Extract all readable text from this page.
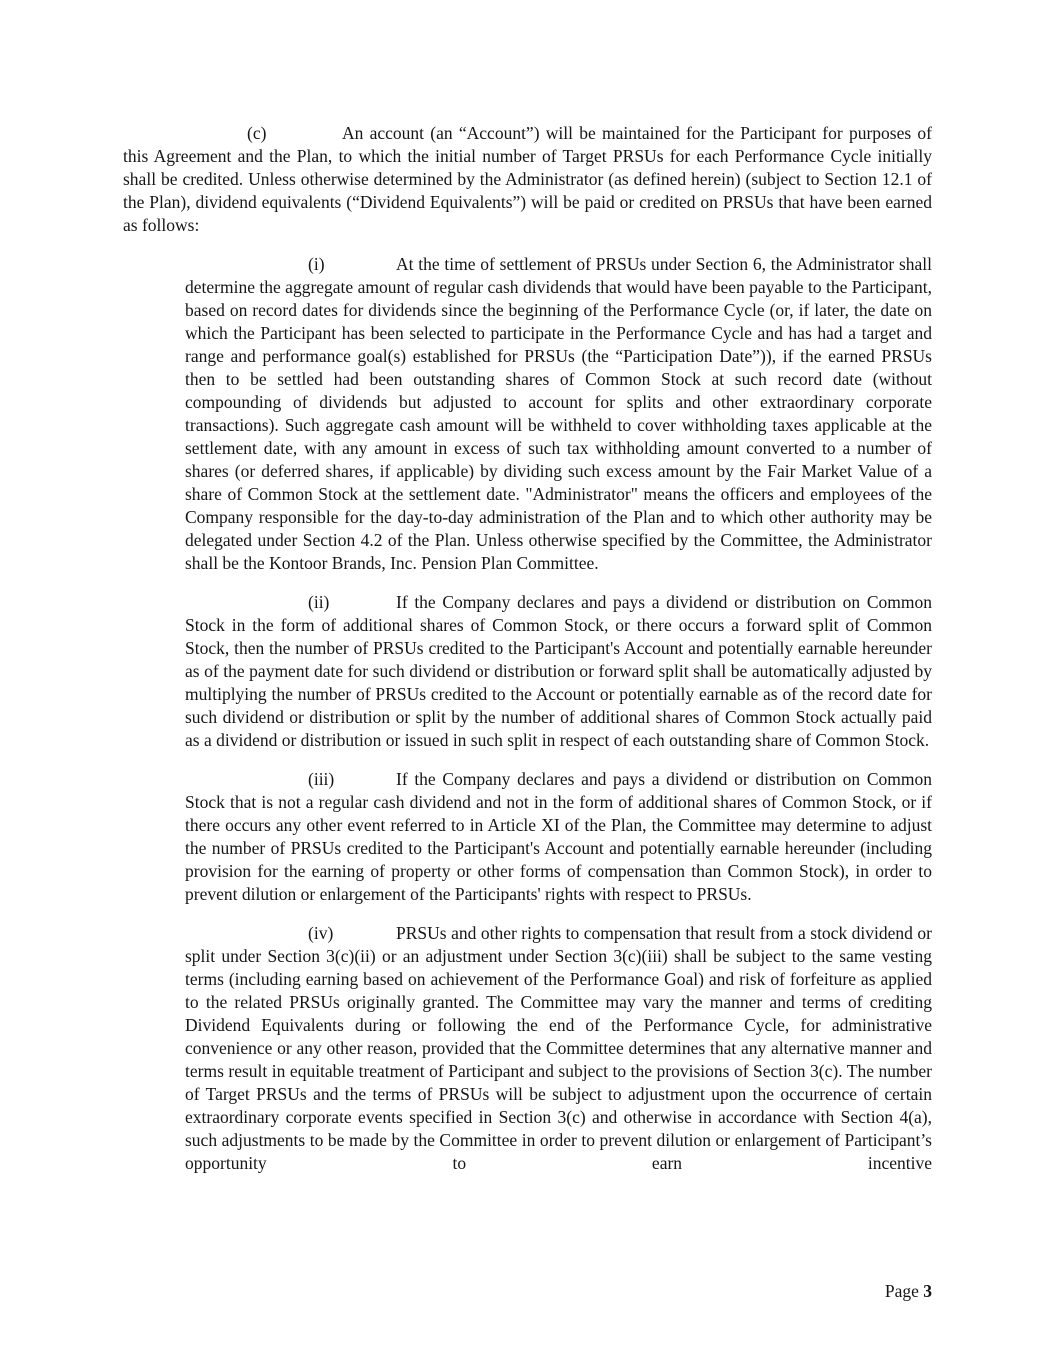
(c)	An account (an “Account”) will be maintained for the Participant for purposes of this Agreement and the Plan, to which the initial number of Target PRSUs for each Performance Cycle initially shall be credited. Unless otherwise determined by the Administrator (as defined herein) (subject to Section 12.1 of the Plan), dividend equivalents (“Dividend Equivalents”) will be paid or credited on PRSUs that have been earned as follows:

(i)	At the time of settlement of PRSUs under Section 6, the Administrator shall determine the aggregate amount of regular cash dividends that would have been payable to the Participant, based on record dates for dividends since the beginning of the Performance Cycle (or, if later, the date on which the Participant has been selected to participate in the Performance Cycle and has had a target and range and performance goal(s) established for PRSUs (the “Participation Date”)), if the earned PRSUs then to be settled had been outstanding shares of Common Stock at such record date (without compounding of dividends but adjusted to account for splits and other extraordinary corporate transactions). Such aggregate cash amount will be withheld to cover withholding taxes applicable at the settlement date, with any amount in excess of such tax withholding amount converted to a number of shares (or deferred shares, if applicable) by dividing such excess amount by the Fair Market Value of a share of Common Stock at the settlement date. "Administrator" means the officers and employees of the Company responsible for the day-to-day administration of the Plan and to which other authority may be delegated under Section 4.2 of the Plan. Unless otherwise specified by the Committee, the Administrator shall be the Kontoor Brands, Inc. Pension Plan Committee.

(ii)	If the Company declares and pays a dividend or distribution on Common Stock in the form of additional shares of Common Stock, or there occurs a forward split of Common Stock, then the number of PRSUs credited to the Participant's Account and potentially earnable hereunder as of the payment date for such dividend or distribution or forward split shall be automatically adjusted by multiplying the number of PRSUs credited to the Account or potentially earnable as of the record date for such dividend or distribution or split by the number of additional shares of Common Stock actually paid as a dividend or distribution or issued in such split in respect of each outstanding share of Common Stock.

(iii)	If the Company declares and pays a dividend or distribution on Common Stock that is not a regular cash dividend and not in the form of additional shares of Common Stock, or if there occurs any other event referred to in Article XI of the Plan, the Committee may determine to adjust the number of PRSUs credited to the Participant's Account and potentially earnable hereunder (including provision for the earning of property or other forms of compensation than Common Stock), in order to prevent dilution or enlargement of the Participants' rights with respect to PRSUs.

(iv)	PRSUs and other rights to compensation that result from a stock dividend or split under Section 3(c)(ii) or an adjustment under Section 3(c)(iii) shall be subject to the same vesting terms (including earning based on achievement of the Performance Goal) and risk of forfeiture as applied to the related PRSUs originally granted. The Committee may vary the manner and terms of crediting Dividend Equivalents during or following the end of the Performance Cycle, for administrative convenience or any other reason, provided that the Committee determines that any alternative manner and terms result in equitable treatment of Participant and subject to the provisions of Section 3(c). The number of Target PRSUs and the terms of PRSUs will be subject to adjustment upon the occurrence of certain extraordinary corporate events specified in Section 3(c) and otherwise in accordance with Section 4(a), such adjustments to be made by the Committee in order to prevent dilution or enlargement of Participant’s opportunity to earn incentive

Page 3
